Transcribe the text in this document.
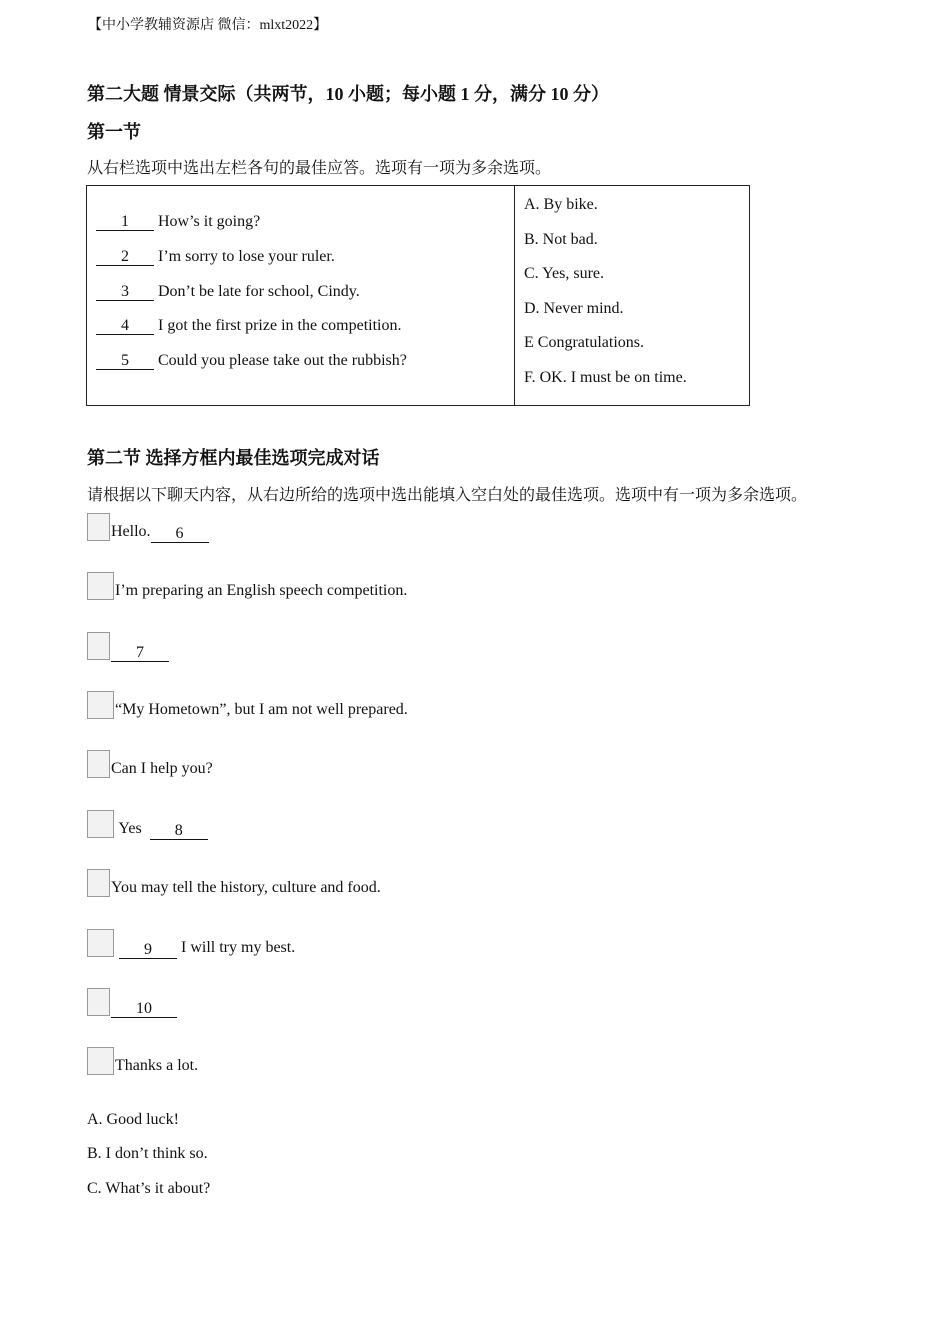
【中小学教辅资源店 微信：mlxt2022】
第二大题 情景交际（共两节，10 小题；每小题 1 分，满分 10 分）
第一节
从右栏选项中选出左栏各句的最佳应答。选项有一项为多余选项。
1 How’s it going?
2 I’m sorry to lose your ruler.
3 Don’t be late for school, Cindy.
4 I got the first prize in the competition.
5 Could you please take out the rubbish?
A. By bike.
B. Not bad.
C. Yes, sure.
D. Never mind.
E Congratulations.
F. OK. I must be on time.
第二节 选择方框内最佳选项完成对话
请根据以下聊天内容，从右边所给的选项中选出能填入空白处的最佳选项。选项中有一项为多余选项。
Hello.	6
I’m preparing an English speech competition.
7
“My Hometown”, but I am not well prepared.
Can I help you?
Yes	8
You may tell the history, culture and food.

9	I will try my best.
10
Thanks a lot.
A. Good luck!
B. I don’t think so.
C. What’s it about?
